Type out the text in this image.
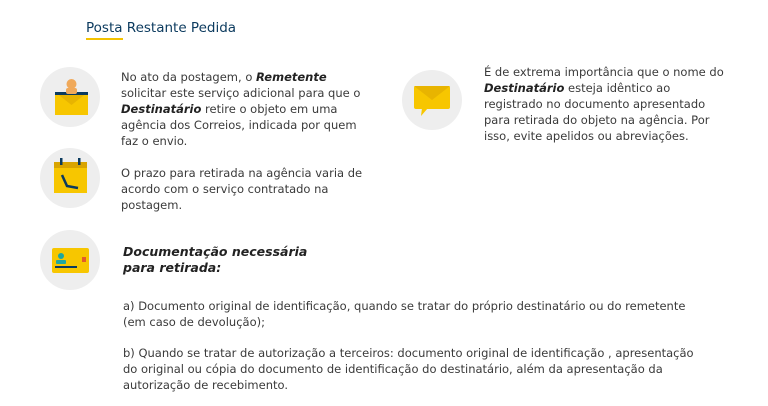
Posta Restante Pedida
No ato da postagem, o Remetente solicitar este serviço adicional para que o Destinatário retire o objeto em uma agência dos Correios, indicada por quem faz o envio.
É de extrema importância que o nome do Destinatário esteja idêntico ao registrado no documento apresentado para retirada do objeto na agência. Por isso, evite apelidos ou abreviações.
O prazo para retirada na agência varia de acordo com o serviço contratado na postagem.
Documentação necessária
para retirada:
a) Documento original de identificação, quando se tratar do próprio destinatário ou do remetente (em caso de devolução);
b) Quando se tratar de autorização a terceiros: documento original de identificação , apresentação do original ou cópia do documento de identificação do destinatário, além da apresentação da autorização de recebimento.
